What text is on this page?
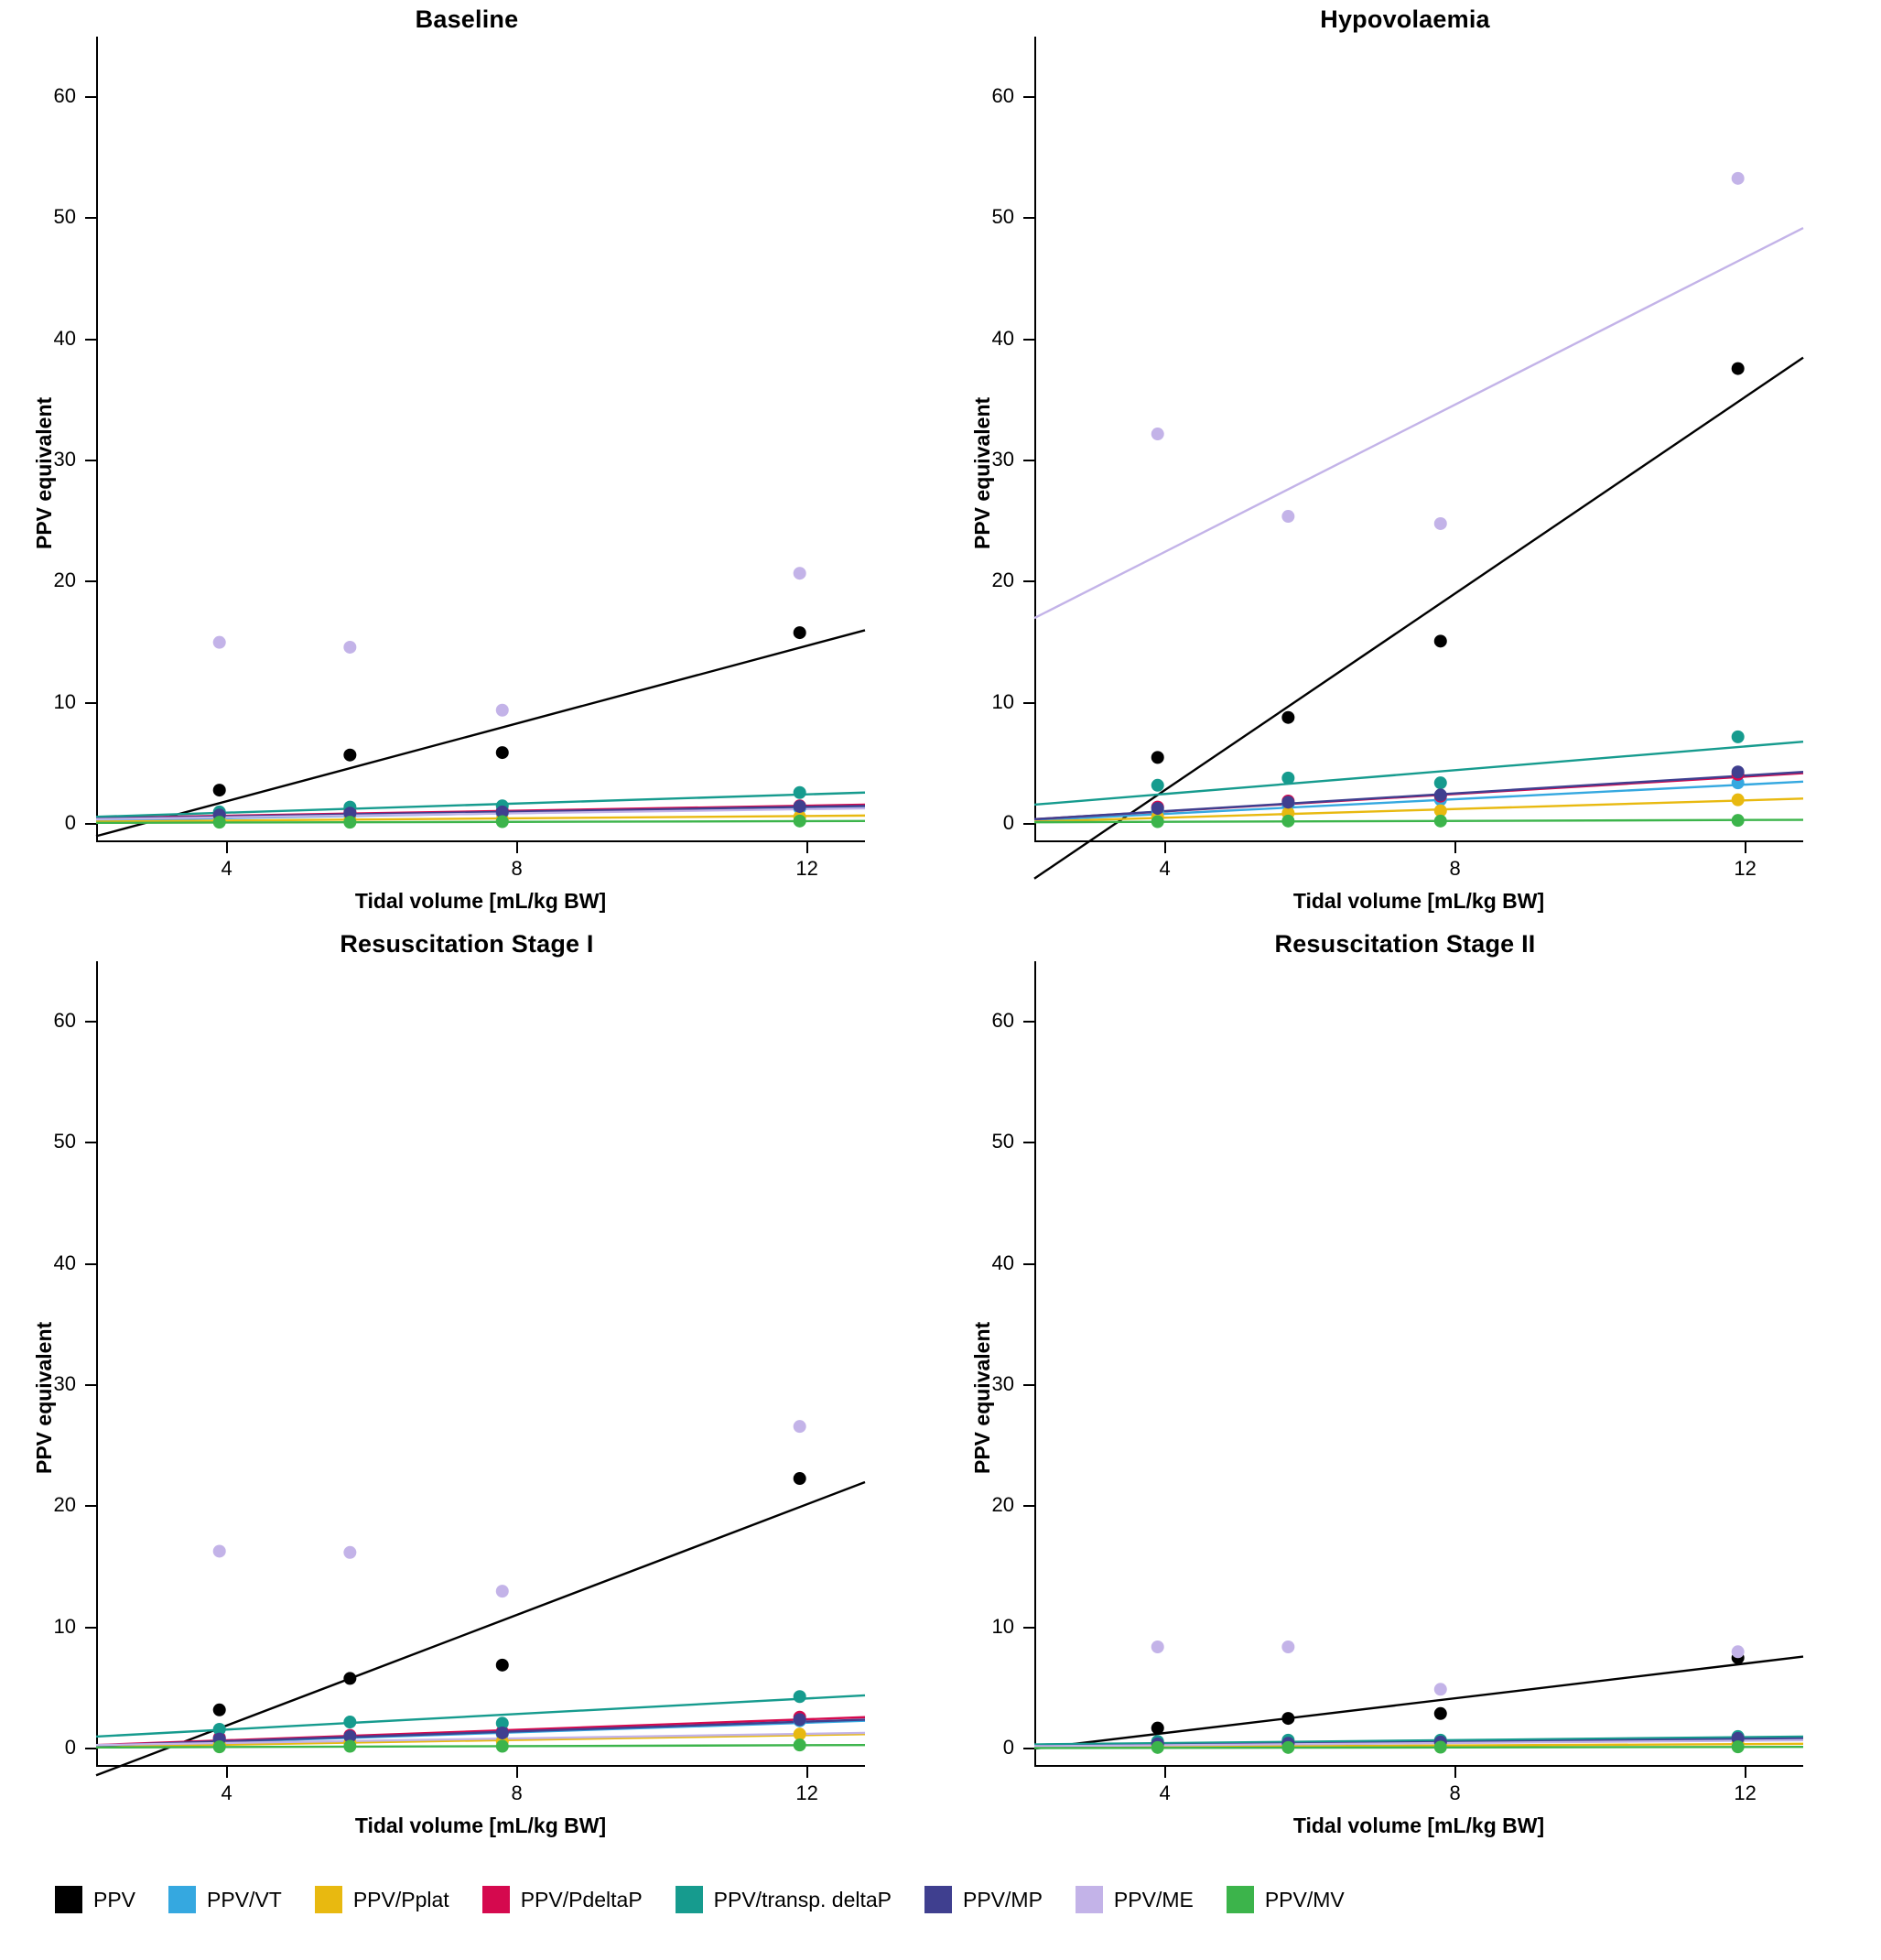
Baseline
PPV equivalent
Tidal volume [mL/kg BW]
0
10
20
30
40
50
60
4	8	12
Hypovolaemia
PPV equivalent
Tidal volume [mL/kg BW]
0
10
20
30
40
50
60
4	8	12
Resuscitation Stage I
PPV equivalent
Tidal volume [mL/kg BW]
0
10
20
30
40
50
60
4	8	12
Resuscitation Stage II
PPV equivalent
Tidal volume [mL/kg BW]
0
10
20
30
40
50
60
4	8	12
PPV	PPV/VT	PPV/Pplat	PPV/PdeltaP	PPV/transp. deltaP	PPV/MP	PPV/ME	PPV/MV
